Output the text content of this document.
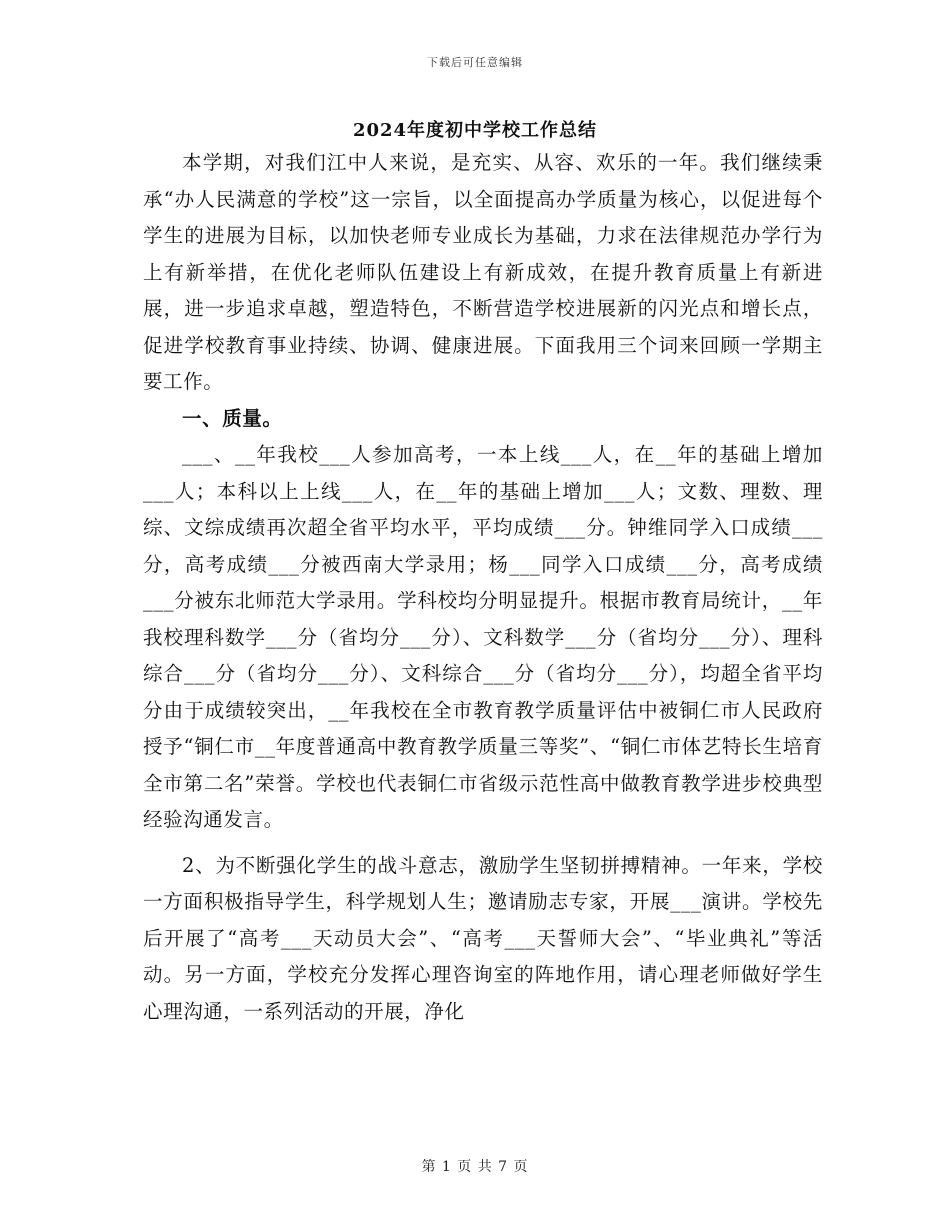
下载后可任意编辑
2024年度初中学校工作总结

本学期，对我们江中人来说，是充实、从容、欢乐的一年。我们继续秉承“办人民满意的学校”这一宗旨，以全面提高办学质量为核心，以促进每个学生的进展为目标，以加快老师专业成长为基础，力求在法律规范办学行为上有新举措，在优化老师队伍建设上有新成效，在提升教育质量上有新进展，进一步追求卓越，塑造特色，不断营造学校进展新的闪光点和增长点，促进学校教育事业持续、协调、健康进展。下面我用三个词来回顾一学期主要工作。

一、质量。

___、__年我校___人参加高考，一本上线___人，在__年的基础上增加___人；本科以上上线___人，在__年的基础上增加___人；文数、理数、理综、文综成绩再次超全省平均水平，平均成绩___分。钟维同学入口成绩___分，高考成绩___分被西南大学录用；杨___同学入口成绩___分，高考成绩___分被东北师范大学录用。学科校均分明显提升。根据市教育局统计，__年我校理科数学___分（省均分___分）、文科数学___分（省均分___分）、理科综合___分（省均分___分）、文科综合___分（省均分___分），均超全省平均分由于成绩较突出，__年我校在全市教育教学质量评估中被铜仁市人民政府授予“铜仁市__年度普通高中教育教学质量三等奖”、“铜仁市体艺特长生培育全市第二名”荣誉。学校也代表铜仁市省级示范性高中做教育教学进步校典型经验沟通发言。

2、为不断强化学生的战斗意志，激励学生坚韧拼搏精神。一年来，学校一方面积极指导学生，科学规划人生；邀请励志专家，开展___演讲。学校先后开展了“高考___天动员大会”、“高考___天誓师大会”、“毕业典礼”等活动。另一方面，学校充分发挥心理咨询室的阵地作用，请心理老师做好学生心理沟通，一系列活动的开展，净化

第 1 页 共 7 页
